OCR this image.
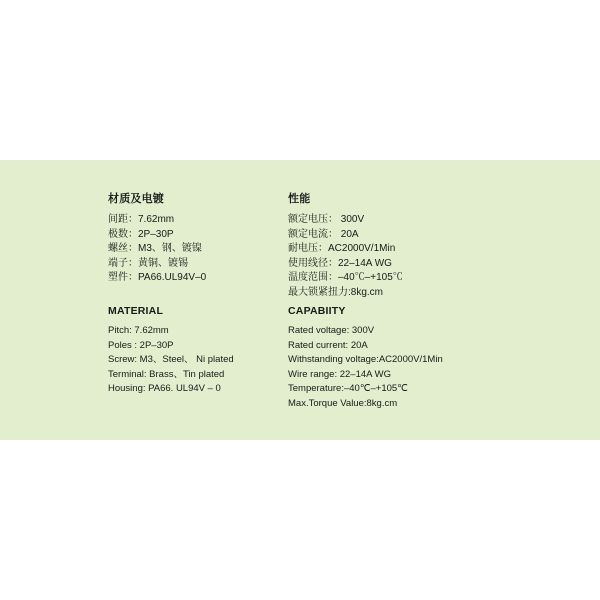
材质及电镀
间距：7.62mm
极数：2P–30P
螺丝：M3、钢、镀镍
端子：黄铜、镀锡
塑件：PA66.UL94V–0
性能
额定电压： 300V
额定电流： 20A
耐电压：AC2000V/1Min
使用线径：22–14A WG
温度范围：–40℃–+105℃
最大锁紧扭力:8kg.cm
MATERIAL
Pitch: 7.62mm
Poles : 2P–30P
Screw: M3、Steel、 Ni plated
Terminal: Brass、Tin plated
Housing: PA66. UL94V – 0
CAPABIITY
Rated voltage: 300V
Rated current: 20A
Withstanding voltage:AC2000V/1Min
Wire range: 22–14A WG
Temperature:–40℃–+105℃
Max.Torque Value:8kg.cm
